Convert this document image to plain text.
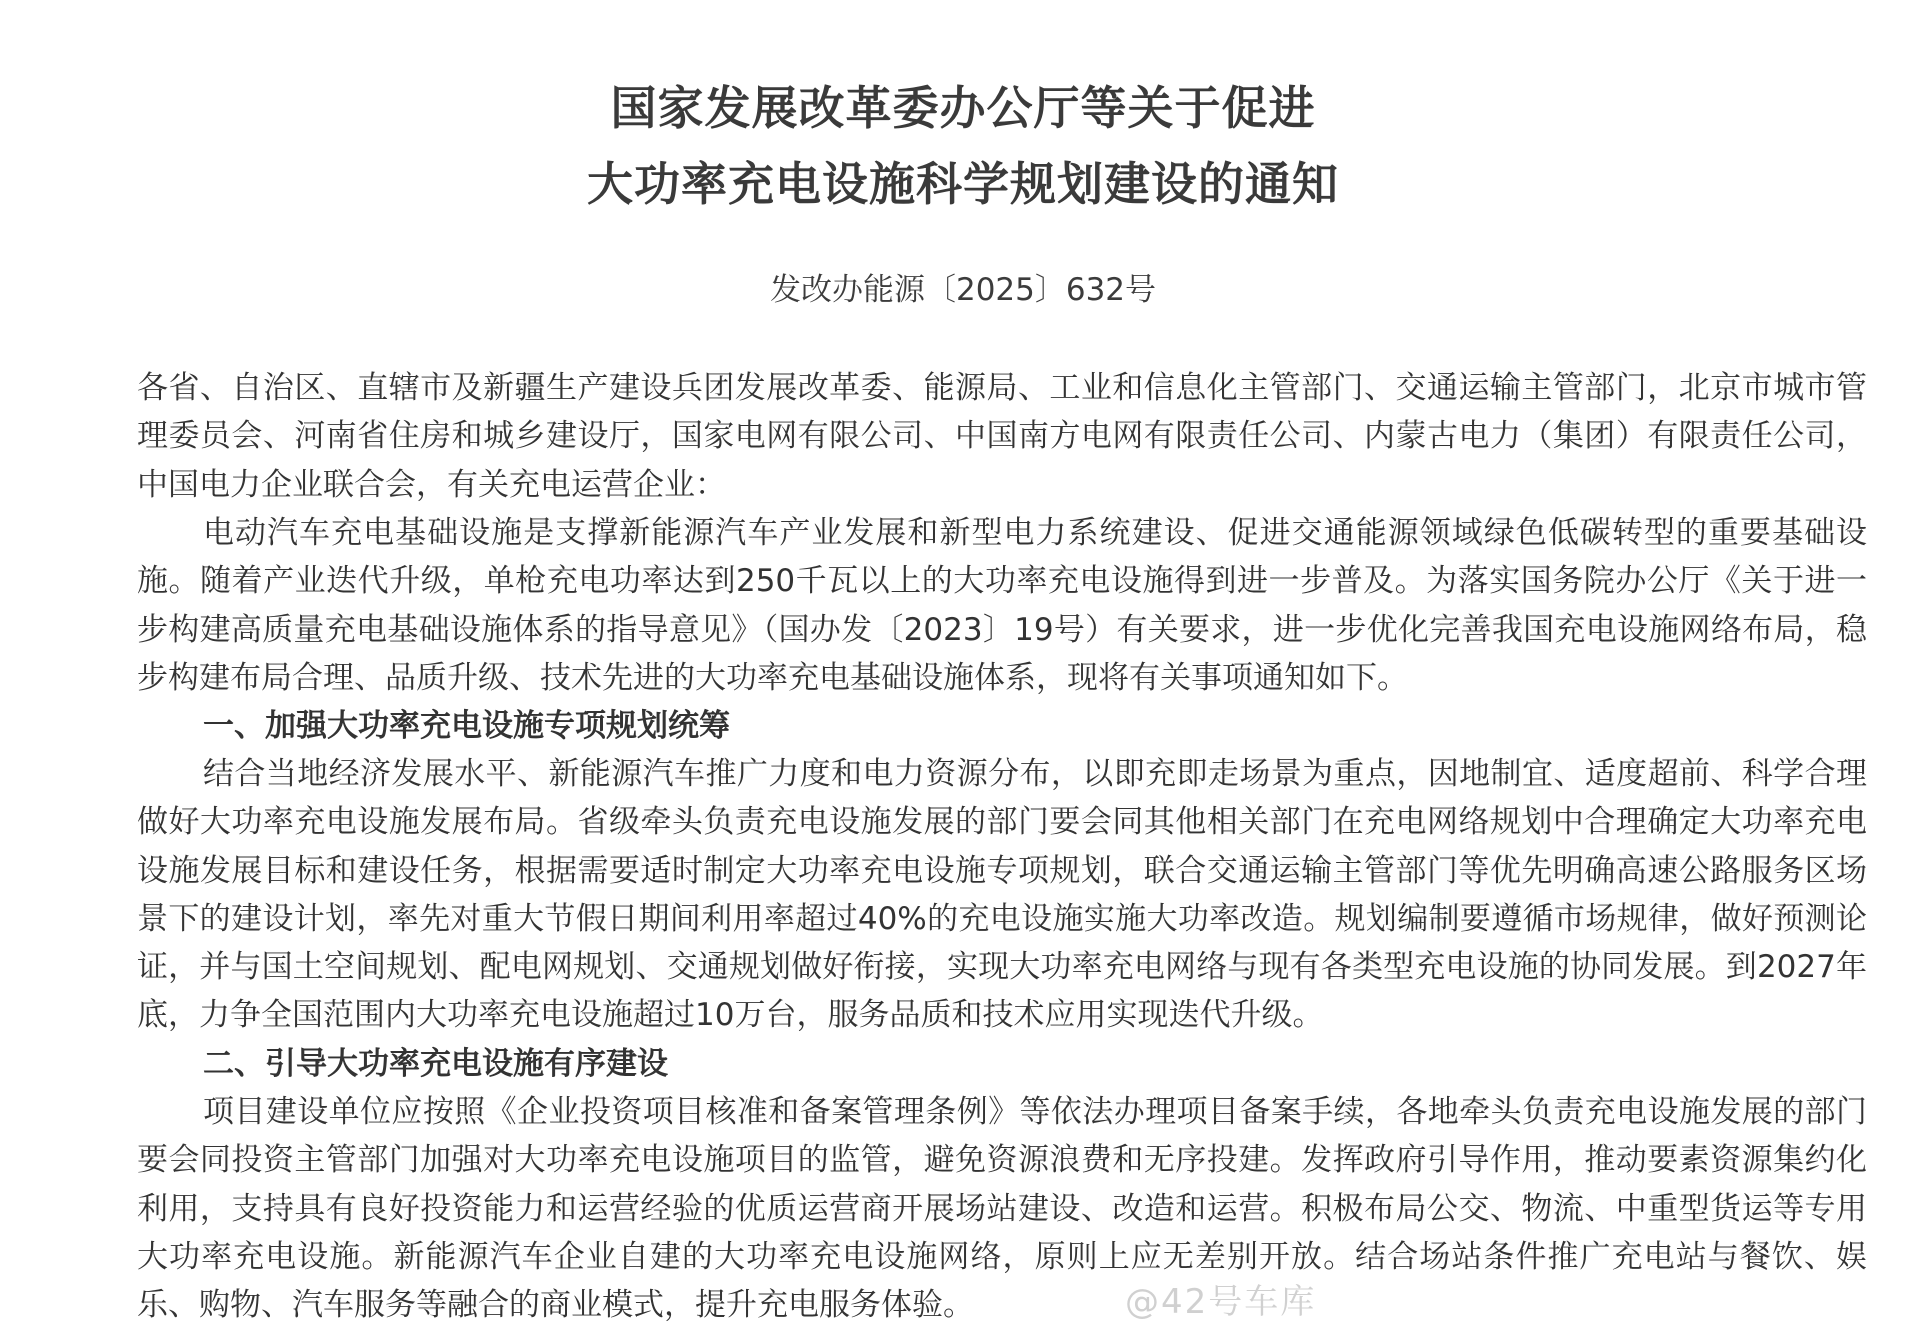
国家发展改革委办公厅等关于促进
大功率充电设施科学规划建设的通知
发改办能源〔2025〕632号
各省、自治区、直辖市及新疆生产建设兵团发展改革委、能源局、工业和信息化主管部门、交通运输主管部门，北京市城市管理委员会、河南省住房和城乡建设厅，国家电网有限公司、中国南方电网有限责任公司、内蒙古电力（集团）有限责任公司，中国电力企业联合会，有关充电运营企业：
电动汽车充电基础设施是支撑新能源汽车产业发展和新型电力系统建设、促进交通能源领域绿色低碳转型的重要基础设施。随着产业迭代升级，单枪充电功率达到250千瓦以上的大功率充电设施得到进一步普及。为落实国务院办公厅《关于进一步构建高质量充电基础设施体系的指导意见》（国办发〔2023〕19号）有关要求，进一步优化完善我国充电设施网络布局，稳步构建布局合理、品质升级、技术先进的大功率充电基础设施体系，现将有关事项通知如下。
一、加强大功率充电设施专项规划统筹
结合当地经济发展水平、新能源汽车推广力度和电力资源分布，以即充即走场景为重点，因地制宜、适度超前、科学合理做好大功率充电设施发展布局。省级牵头负责充电设施发展的部门要会同其他相关部门在充电网络规划中合理确定大功率充电设施发展目标和建设任务，根据需要适时制定大功率充电设施专项规划，联合交通运输主管部门等优先明确高速公路服务区场景下的建设计划，率先对重大节假日期间利用率超过40%的充电设施实施大功率改造。规划编制要遵循市场规律，做好预测论证，并与国土空间规划、配电网规划、交通规划做好衔接，实现大功率充电网络与现有各类型充电设施的协同发展。到2027年底，力争全国范围内大功率充电设施超过10万台，服务品质和技术应用实现迭代升级。
二、引导大功率充电设施有序建设
项目建设单位应按照《企业投资项目核准和备案管理条例》等依法办理项目备案手续，各地牵头负责充电设施发展的部门要会同投资主管部门加强对大功率充电设施项目的监管，避免资源浪费和无序投建。发挥政府引导作用，推动要素资源集约化利用，支持具有良好投资能力和运营经验的优质运营商开展场站建设、改造和运营。积极布局公交、物流、中重型货运等专用大功率充电设施。新能源汽车企业自建的大功率充电设施网络，原则上应无差别开放。结合场站条件推广充电站与餐饮、娱乐、购物、汽车服务等融合的商业模式，提升充电服务体验。	@42号车库
